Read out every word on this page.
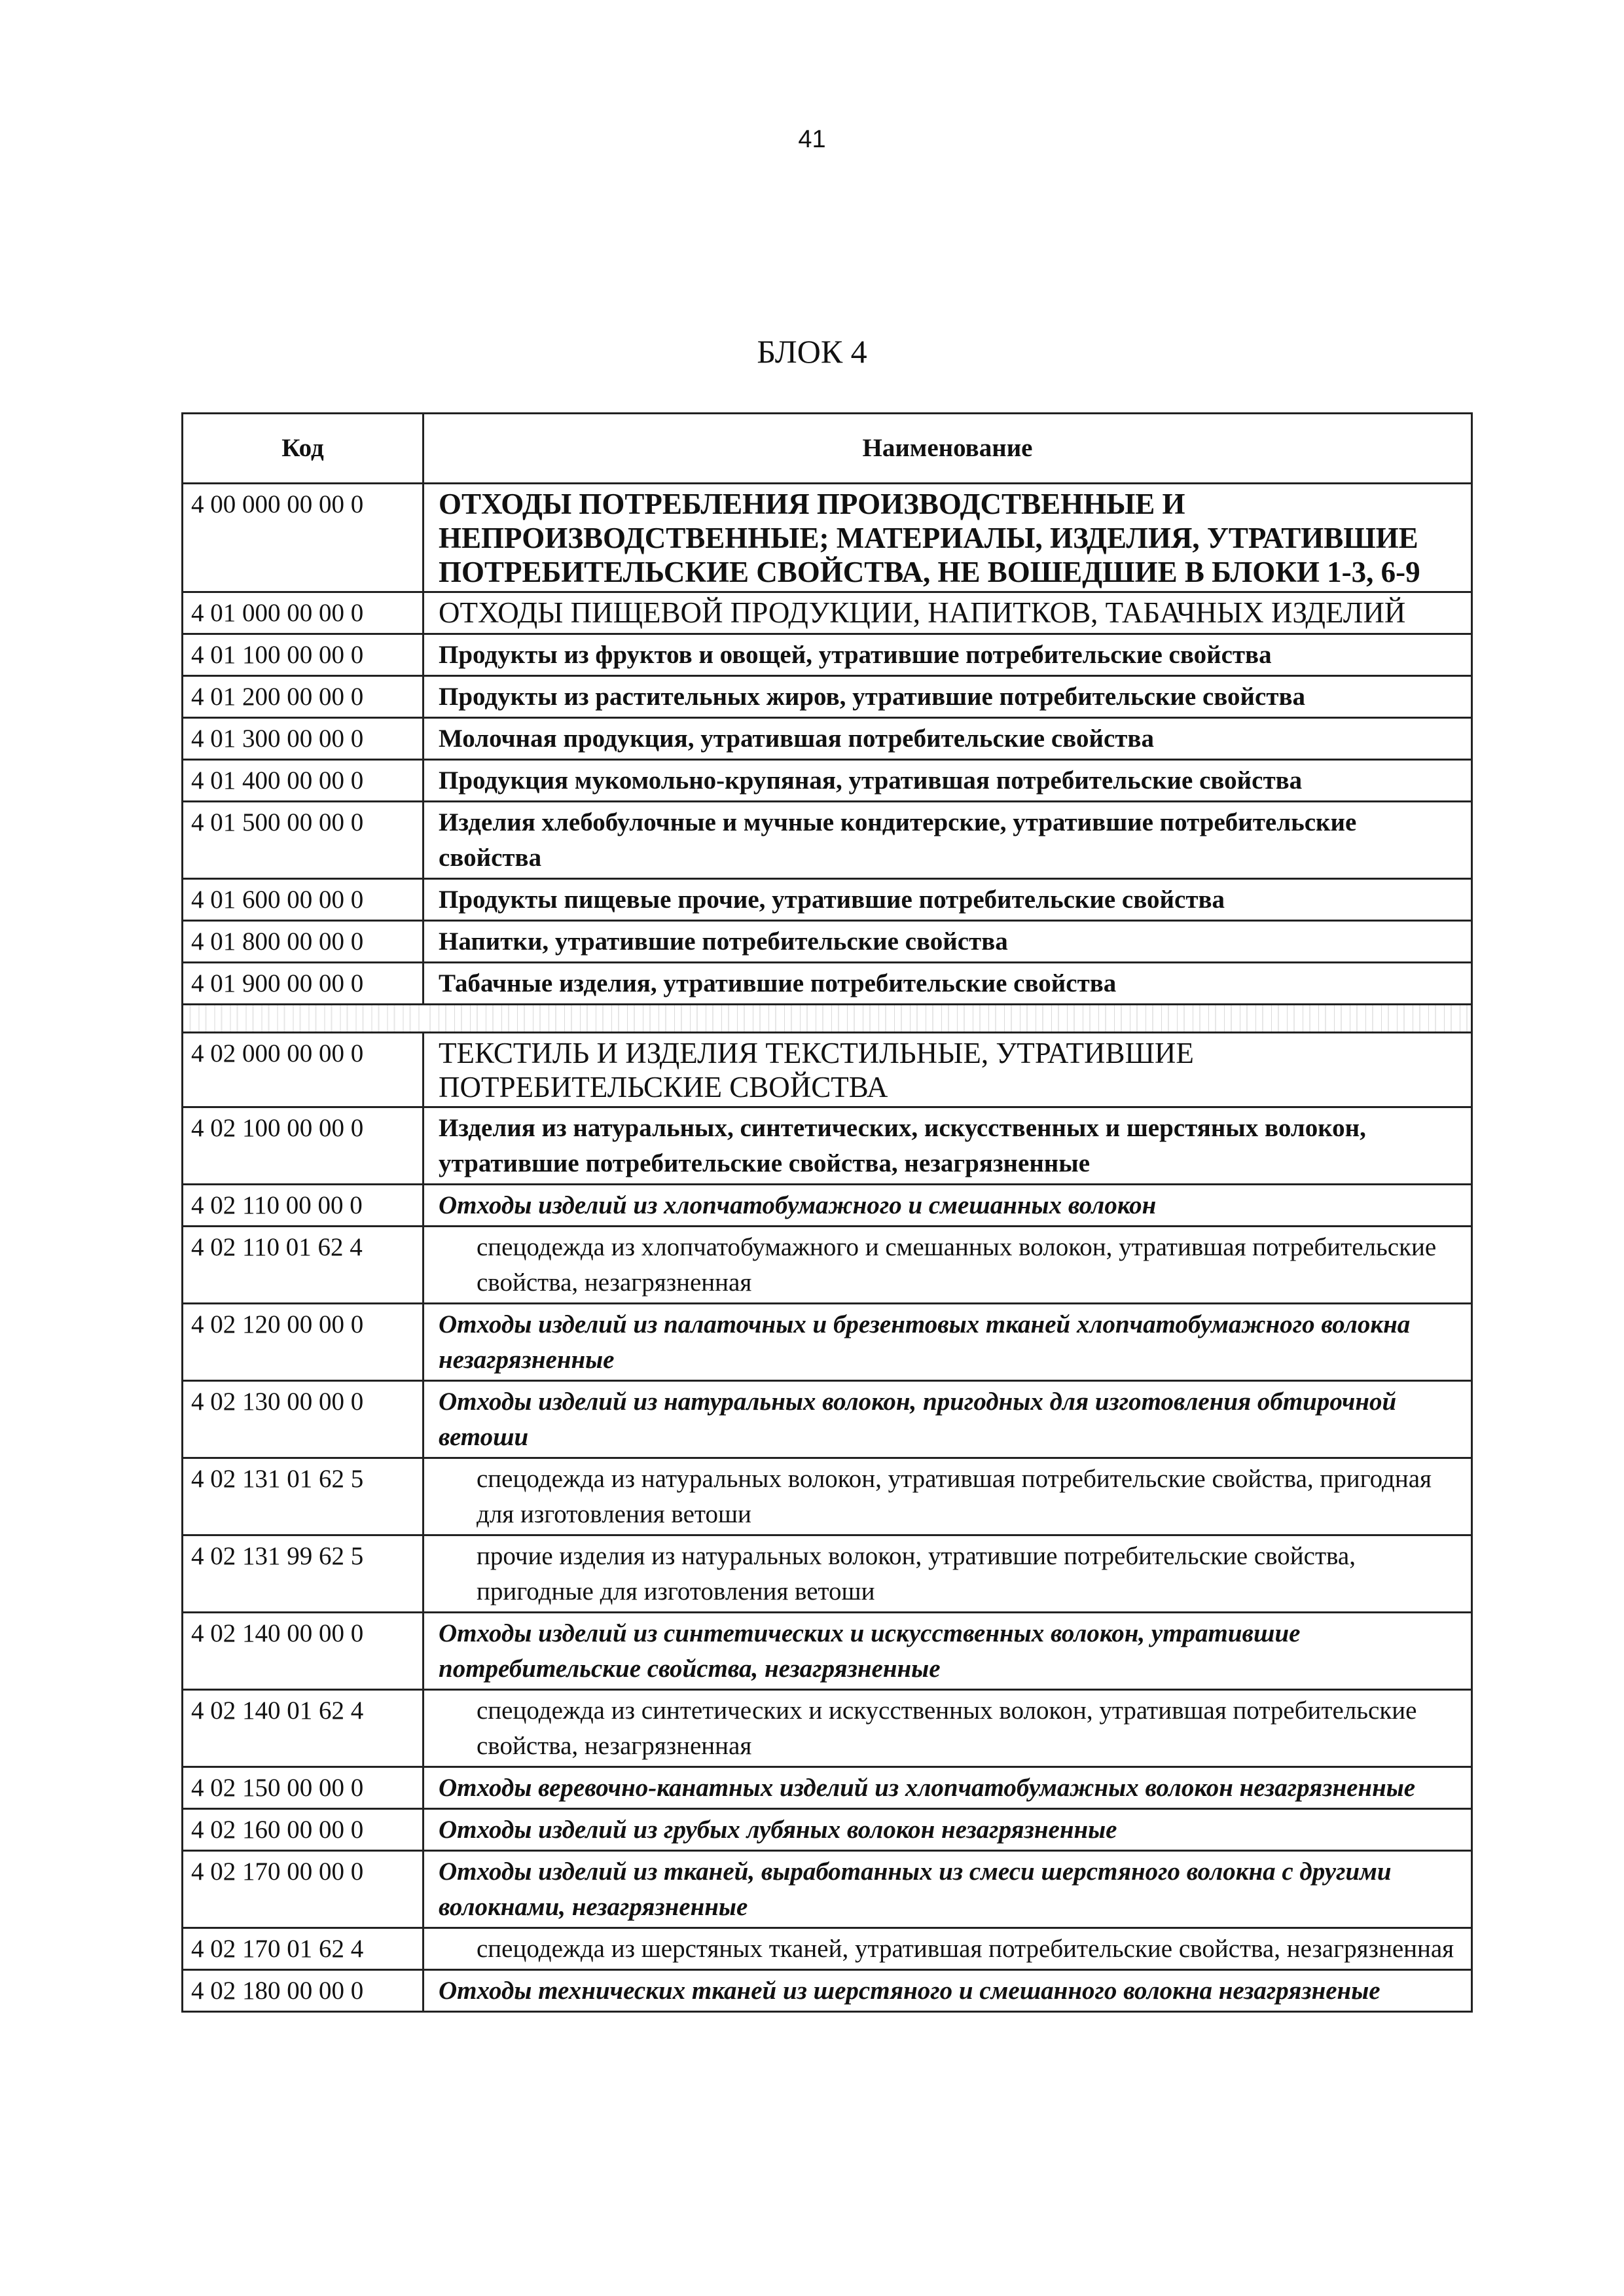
41
БЛОК 4
Код	Наименование
4 00 000 00 00 0	ОТХОДЫ ПОТРЕБЛЕНИЯ ПРОИЗВОДСТВЕННЫЕ И НЕПРОИЗВОДСТВЕННЫЕ; МАТЕРИАЛЫ, ИЗДЕЛИЯ, УТРАТИВШИЕ ПОТРЕБИТЕЛЬСКИЕ СВОЙСТВА, НЕ ВОШЕДШИЕ В БЛОКИ 1-3, 6-9
4 01 000 00 00 0	ОТХОДЫ ПИЩЕВОЙ ПРОДУКЦИИ, НАПИТКОВ, ТАБАЧНЫХ ИЗДЕЛИЙ
4 01 100 00 00 0	Продукты из фруктов и овощей, утратившие потребительские свойства
4 01 200 00 00 0	Продукты из растительных жиров, утратившие потребительские свойства
4 01 300 00 00 0	Молочная продукция, утратившая потребительские свойства
4 01 400 00 00 0	Продукция мукомольно-крупяная, утратившая потребительские свойства
4 01 500 00 00 0	Изделия хлебобулочные и мучные кондитерские, утратившие потребительские свойства
4 01 600 00 00 0	Продукты пищевые прочие, утратившие потребительские свойства
4 01 800 00 00 0	Напитки, утратившие потребительские свойства
4 01 900 00 00 0	Табачные изделия, утратившие потребительские свойства

4 02 000 00 00 0	ТЕКСТИЛЬ И ИЗДЕЛИЯ ТЕКСТИЛЬНЫЕ, УТРАТИВШИЕ ПОТРЕБИТЕЛЬСКИЕ СВОЙСТВА
4 02 100 00 00 0	Изделия из натуральных, синтетических, искусственных и шерстяных волокон, утратившие потребительские свойства, незагрязненные
4 02 110 00 00 0	Отходы изделий из хлопчатобумажного и смешанных волокон
4 02 110 01 62 4	спецодежда из хлопчатобумажного и смешанных волокон, утратившая потребительские свойства, незагрязненная
4 02 120 00 00 0	Отходы изделий из палаточных и брезентовых тканей хлопчатобумажного волокна незагрязненные
4 02 130 00 00 0	Отходы изделий из натуральных волокон, пригодных для изготовления обтирочной ветоши
4 02 131 01 62 5	спецодежда из натуральных волокон, утратившая потребительские свойства, пригодная для изготовления ветоши
4 02 131 99 62 5	прочие изделия из натуральных волокон, утратившие потребительские свойства, пригодные для изготовления ветоши
4 02 140 00 00 0	Отходы изделий из синтетических и искусственных волокон, утратившие потребительские свойства, незагрязненные
4 02 140 01 62 4	спецодежда из синтетических и искусственных волокон, утратившая потребительские свойства, незагрязненная
4 02 150 00 00 0	Отходы веревочно-канатных изделий из хлопчатобумажных волокон незагрязненные
4 02 160 00 00 0	Отходы изделий из грубых лубяных волокон незагрязненные
4 02 170 00 00 0	Отходы изделий из тканей, выработанных из смеси шерстяного волокна с другими волокнами, незагрязненные
4 02 170 01 62 4	спецодежда из шерстяных тканей, утратившая потребительские свойства, незагрязненная
4 02 180 00 00 0	Отходы технических тканей из шерстяного и смешанного волокна незагрязненые
